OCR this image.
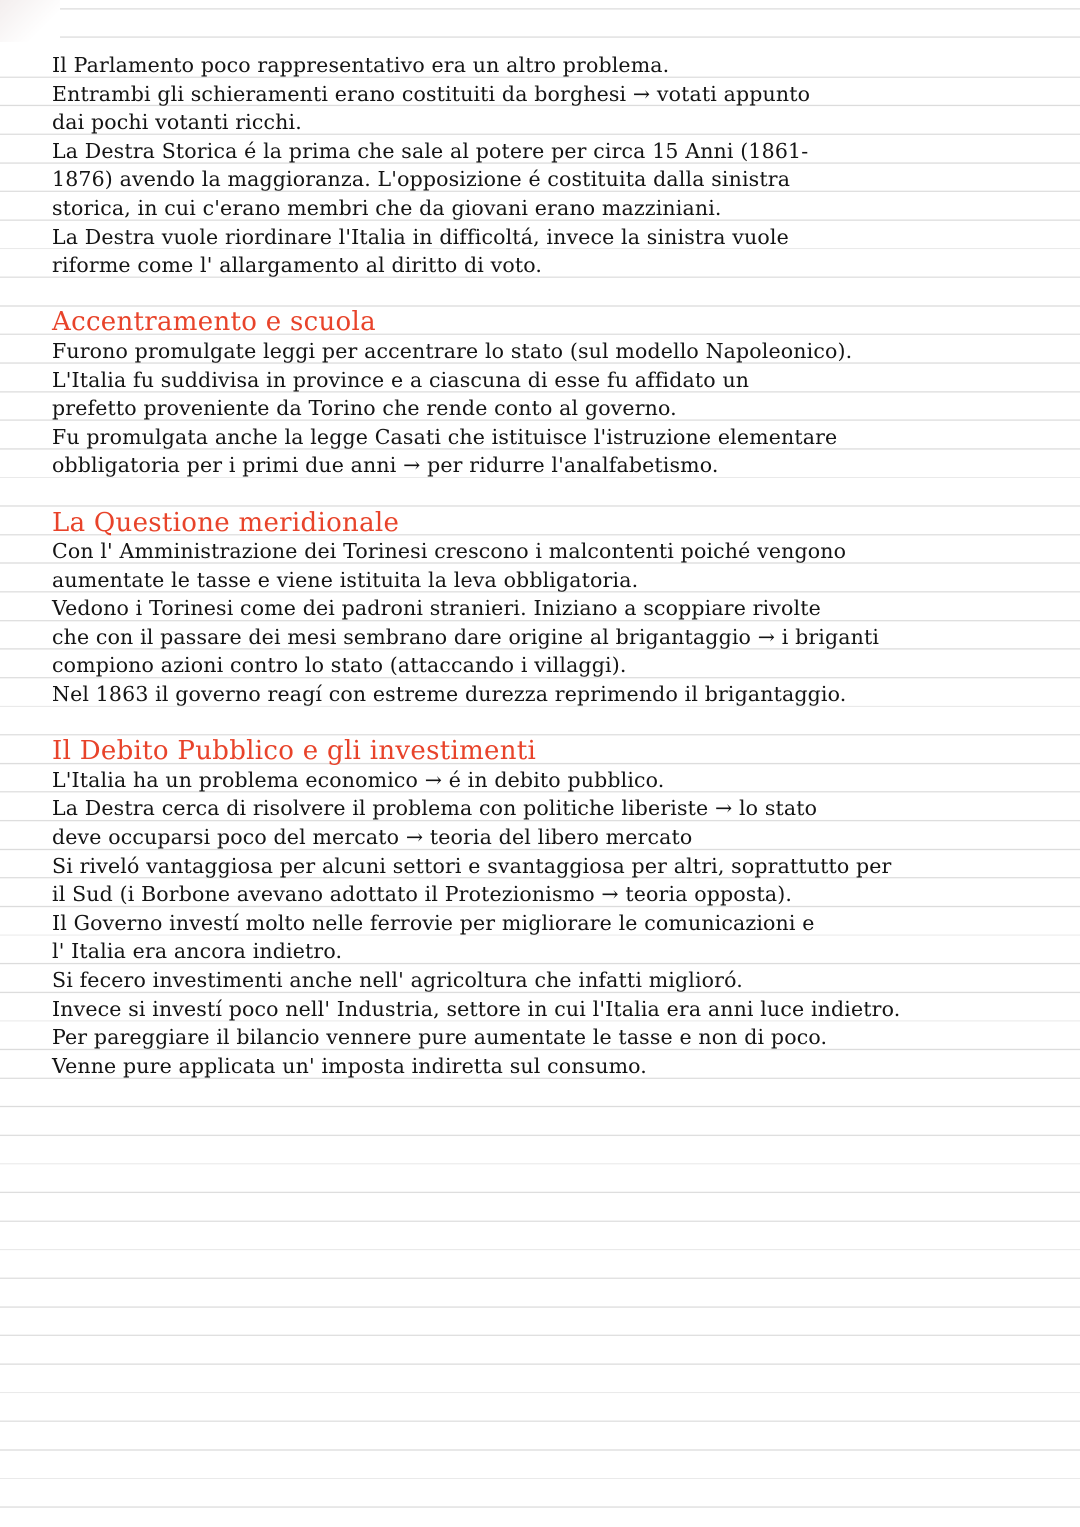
Il Parlamento poco rappresentativo era un altro problema.
Entrambi gli schieramenti erano costituiti da borghesi → votati appunto
dai pochi votanti ricchi.
La Destra Storica é la prima che sale al potere per circa 15 Anni (1861-
1876) avendo la maggioranza. L'opposizione é costituita dalla sinistra
storica, in cui c'erano membri che da giovani erano mazziniani.
La Destra vuole riordinare l'Italia in difficoltá, invece la sinistra vuole
riforme come l' allargamento al diritto di voto.
Accentramento e scuola
Furono promulgate leggi per accentrare lo stato (sul modello Napoleonico).
L'Italia fu suddivisa in province e a ciascuna di esse fu affidato un
prefetto proveniente da Torino che rende conto al governo.
Fu promulgata anche la legge Casati che istituisce l'istruzione elementare
obbligatoria per i primi due anni → per ridurre l'analfabetismo.
La Questione meridionale
Con l' Amministrazione dei Torinesi crescono i malcontenti poiché vengono
aumentate le tasse e viene istituita la leva obbligatoria.
Vedono i Torinesi come dei padroni stranieri. Iniziano a scoppiare rivolte
che con il passare dei mesi sembrano dare origine al brigantaggio → i briganti
compiono azioni contro lo stato (attaccando i villaggi).
Nel 1863 il governo reagí con estreme durezza reprimendo il brigantaggio.
Il Debito Pubblico e gli investimenti
L'Italia ha un problema economico → é in debito pubblico.
La Destra cerca di risolvere il problema con politiche liberiste → lo stato
deve occuparsi poco del mercato → teoria del libero mercato
Si riveló vantaggiosa per alcuni settori e svantaggiosa per altri, soprattutto per
il Sud (i Borbone avevano adottato il Protezionismo → teoria opposta).
Il Governo investí molto nelle ferrovie per migliorare le comunicazioni e
l' Italia era ancora indietro.
Si fecero investimenti anche nell' agricoltura che infatti miglioró.
Invece si investí poco nell' Industria, settore in cui l'Italia era anni luce indietro.
Per pareggiare il bilancio vennere pure aumentate le tasse e non di poco.
Venne pure applicata un' imposta indiretta sul consumo.
